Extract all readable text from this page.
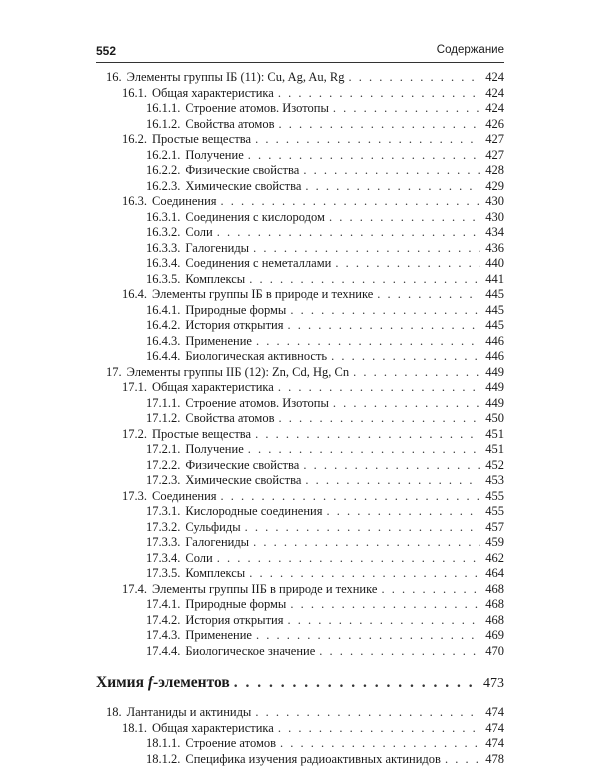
552	Содержание
16. Элементы группы IБ (11): Cu, Ag, Au, Rg . . .	424
16.1. Общая характеристика . . .	424
16.1.1. Строение атомов. Изотопы . . .	424
16.1.2. Свойства атомов . . .	426
16.2. Простые вещества . . .	427
16.2.1. Получение . . .	427
16.2.2. Физические свойства . . .	428
16.2.3. Химические свойства . . .	429
16.3. Соединения . . .	430
16.3.1. Соединения с кислородом . . .	430
16.3.2. Соли . . .	434
16.3.3. Галогениды . . .	436
16.3.4. Соединения с неметаллами . . .	440
16.3.5. Комплексы . . .	441
16.4. Элементы группы IБ в природе и технике . . .	445
16.4.1. Природные формы . . .	445
16.4.2. История открытия . . .	445
16.4.3. Применение . . .	446
16.4.4. Биологическая активность . . .	446
17. Элементы группы IIБ (12): Zn, Cd, Hg, Cn . . .	449
17.1. Общая характеристика . . .	449
17.1.1. Строение атомов. Изотопы . . .	449
17.1.2. Свойства атомов . . .	450
17.2. Простые вещества . . .	451
17.2.1. Получение . . .	451
17.2.2. Физические свойства . . .	452
17.2.3. Химические свойства . . .	453
17.3. Соединения . . .	455
17.3.1. Кислородные соединения . . .	455
17.3.2. Сульфиды . . .	457
17.3.3. Галогениды . . .	459
17.3.4. Соли . . .	462
17.3.5. Комплексы . . .	464
17.4. Элементы группы IIБ в природе и технике . . .	468
17.4.1. Природные формы . . .	468
17.4.2. История открытия . . .	468
17.4.3. Применение . . .	469
17.4.4. Биологическое значение . . .	470
Химия f-элементов . . .	473
18. Лантаниды и актиниды . . .	474
18.1. Общая характеристика . . .	474
18.1.1. Строение атомов . . .	474
18.1.2. Специфика изучения радиоактивных актинидов . . .	478
